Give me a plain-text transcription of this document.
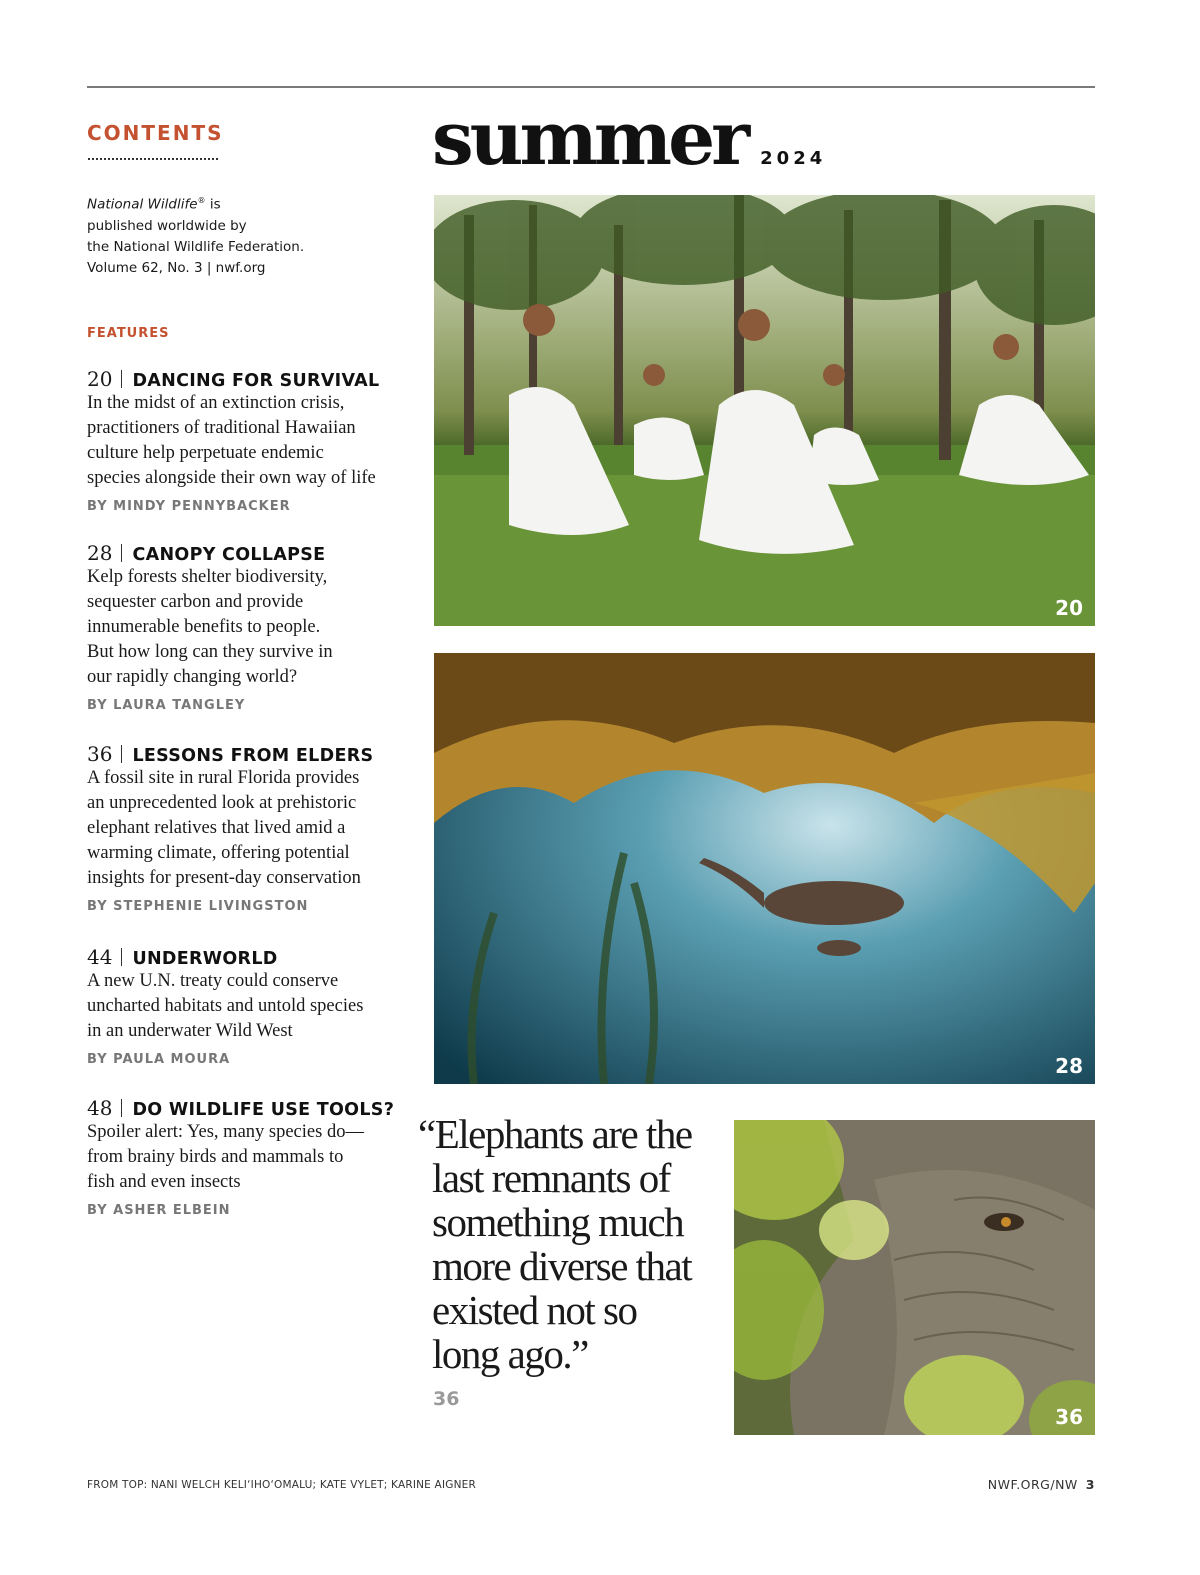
CONTENTS
National Wildlife® is
published worldwide by
the National Wildlife Federation.
Volume 62, No. 3 | nwf.org
FEATURES
20 DANCING FOR SURVIVAL
In the midst of an extinction crisis,
practitioners of traditional Hawaiian
culture help perpetuate endemic
species alongside their own way of life
BY MINDY PENNYBACKER
28 CANOPY COLLAPSE
Kelp forests shelter biodiversity,
sequester carbon and provide
innumerable benefits to people.
But how long can they survive in
our rapidly changing world?
BY LAURA TANGLEY
36 LESSONS FROM ELDERS
A fossil site in rural Florida provides
an unprecedented look at prehistoric
elephant relatives that lived amid a
warming climate, offering potential
insights for present-day conservation
BY STEPHENIE LIVINGSTON
44 UNDERWORLD
A new U.N. treaty could conserve
uncharted habitats and untold species
in an underwater Wild West
BY PAULA MOURA
48 DO WILDLIFE USE TOOLS?
Spoiler alert: Yes, many species do—
from brainy birds and mammals to
fish and even insects
BY ASHER ELBEIN
summer 2024
20
28
“Elephants are the
last remnants of
something much
more diverse that
existed not so
long ago.”
36
36
FROM TOP: NANI WELCH KELI‘IHO‘OMALU; KATE VYLET; KARINE AIGNER	NWF.ORG/NW 3
